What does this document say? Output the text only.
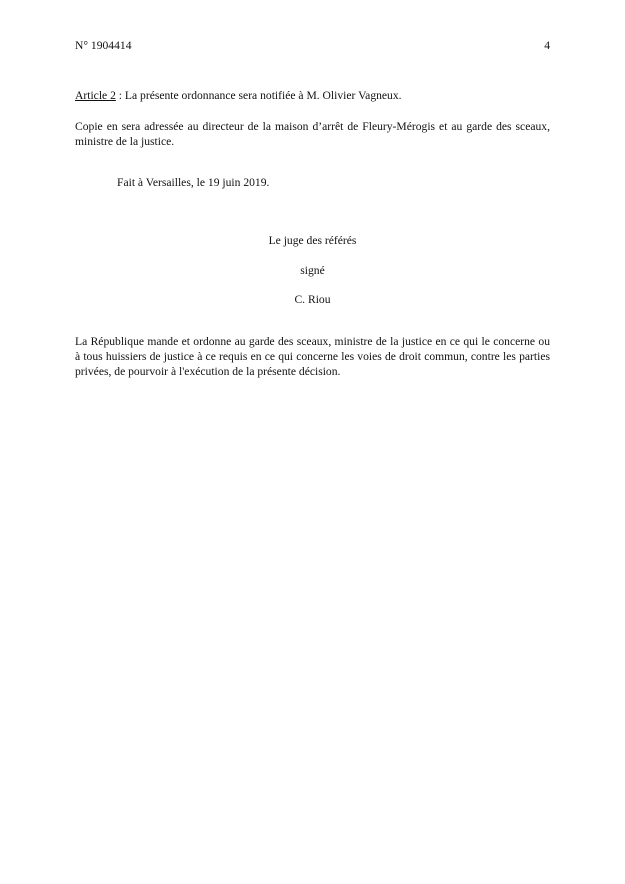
N° 1904414	4
Article 2 : La présente ordonnance sera notifiée à M. Olivier Vagneux.
Copie en sera adressée au directeur de la maison d’arrêt de Fleury-Mérogis et au garde des sceaux, ministre de la justice.
Fait à Versailles, le 19 juin 2019.
Le juge des référés
signé
C. Riou
La République mande et ordonne au garde des sceaux, ministre de la justice en ce qui le concerne ou à tous huissiers de justice à ce requis en ce qui concerne les voies de droit commun, contre les parties privées, de pourvoir à l'exécution de la présente décision.
